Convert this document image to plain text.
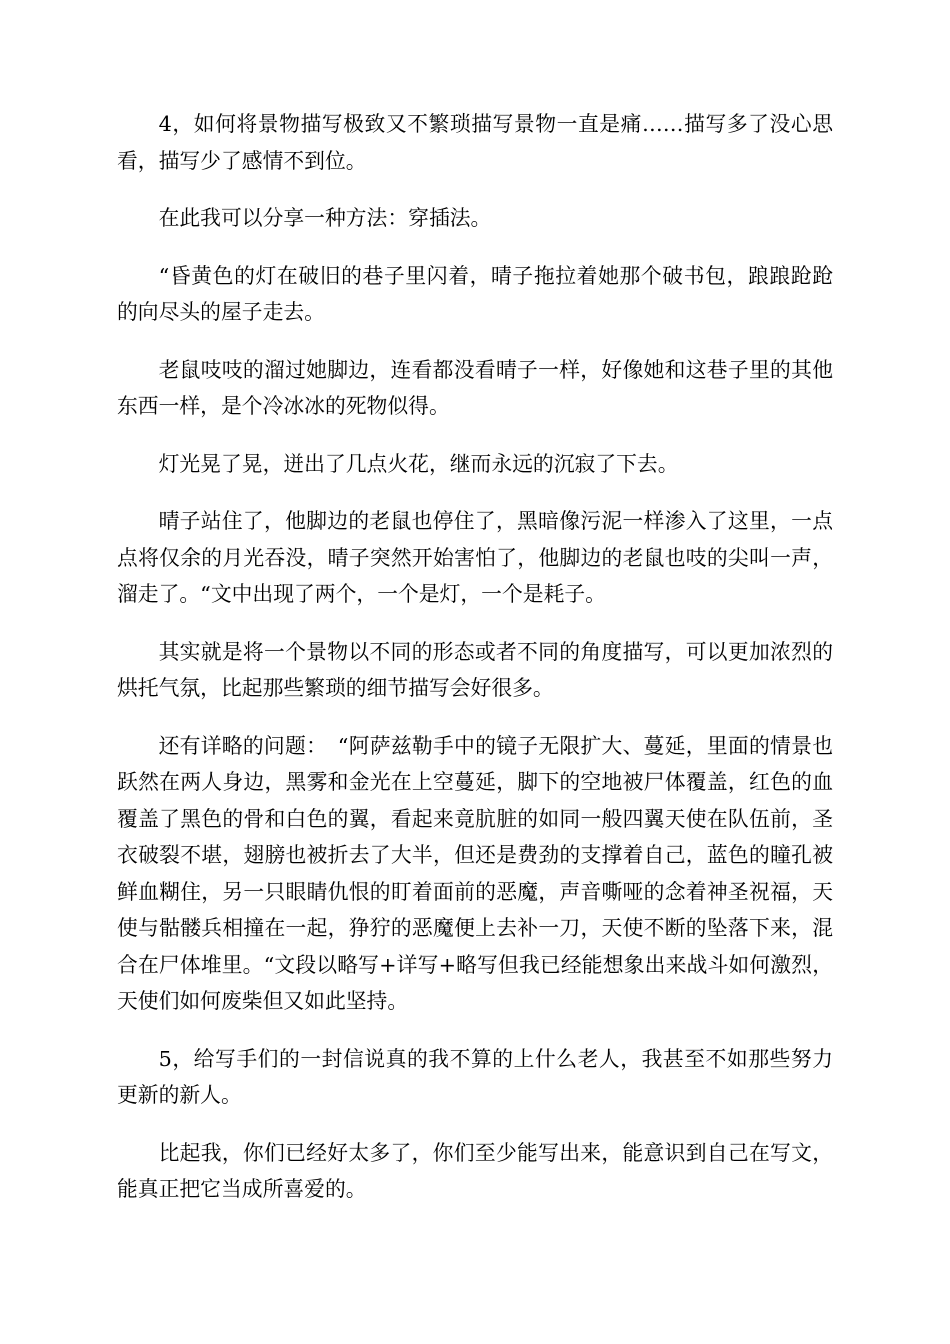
4，如何将景物描写极致又不繁琐描写景物一直是痛……描写多了没心思看，描写少了感情不到位。

在此我可以分享一种方法：穿插法。

“昏黄色的灯在破旧的巷子里闪着，晴子拖拉着她那个破书包，踉踉跄跄的向尽头的屋子走去。

老鼠吱吱的溜过她脚边，连看都没看晴子一样，好像她和这巷子里的其他东西一样，是个冷冰冰的死物似得。

灯光晃了晃，迸出了几点火花，继而永远的沉寂了下去。

晴子站住了，他脚边的老鼠也停住了，黑暗像污泥一样渗入了这里，一点点将仅余的月光吞没，晴子突然开始害怕了，他脚边的老鼠也吱的尖叫一声，溜走了。“文中出现了两个，一个是灯，一个是耗子。

其实就是将一个景物以不同的形态或者不同的角度描写，可以更加浓烈的烘托气氛，比起那些繁琐的细节描写会好很多。

还有详略的问题：　“阿萨兹勒手中的镜子无限扩大、蔓延，里面的情景也跃然在两人身边，黑雾和金光在上空蔓延，脚下的空地被尸体覆盖，红色的血覆盖了黑色的骨和白色的翼，看起来竟肮脏的如同一般四翼天使在队伍前，圣衣破裂不堪，翅膀也被折去了大半，但还是费劲的支撑着自己，蓝色的瞳孔被鲜血糊住，另一只眼睛仇恨的盯着面前的恶魔，声音嘶哑的念着神圣祝福，天使与骷髅兵相撞在一起，狰狞的恶魔便上去补一刀，天使不断的坠落下来，混合在尸体堆里。“文段以略写+详写+略写但我已经能想象出来战斗如何激烈，天使们如何废柴但又如此坚持。

5，给写手们的一封信说真的我不算的上什么老人，我甚至不如那些努力更新的新人。

比起我，你们已经好太多了，你们至少能写出来，能意识到自己在写文，能真正把它当成所喜爱的。
